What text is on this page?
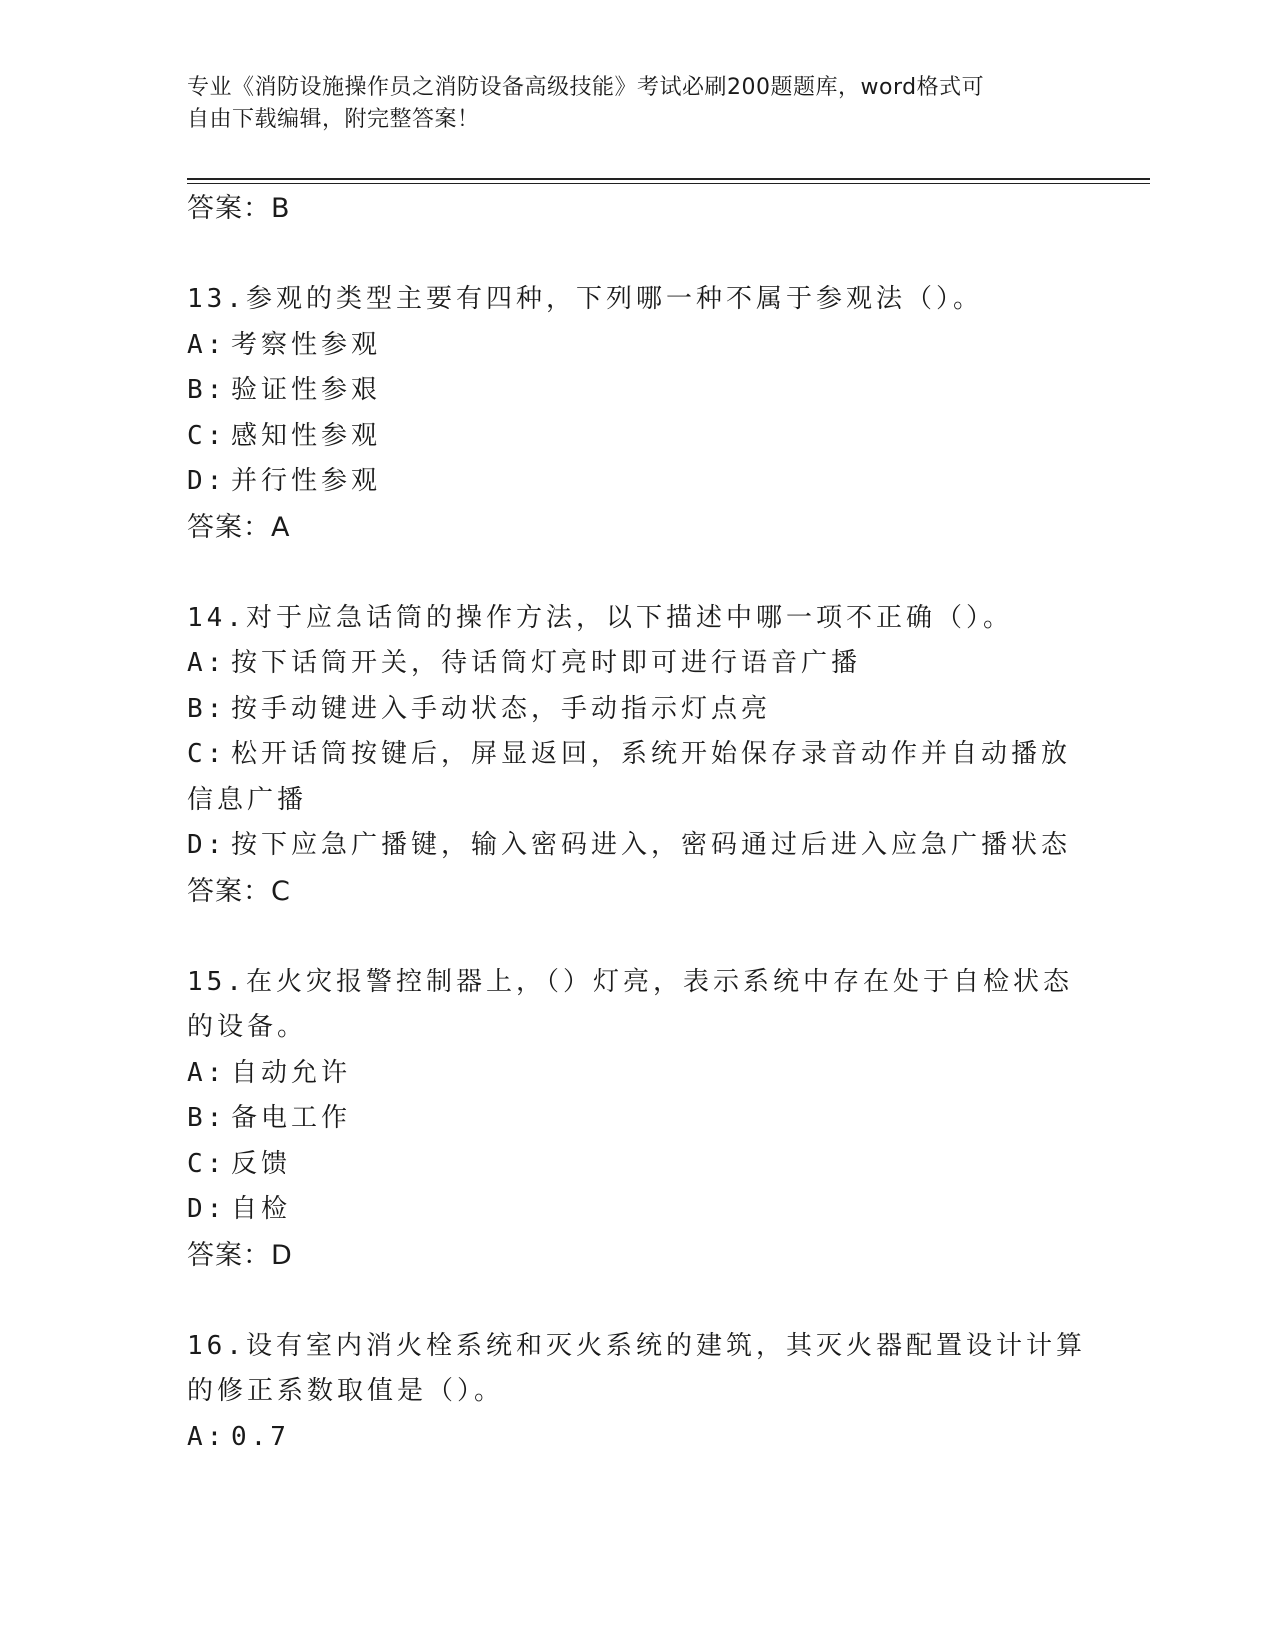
专业《消防设施操作员之消防设备高级技能》考试必刷200题题库，word格式可
自由下载编辑，附完整答案！
答案：B
13.参观的类型主要有四种，下列哪一种不属于参观法（）。
A: 考察性参观
B: 验证性参艰
C: 感知性参观
D: 并行性参观
答案：A
14.对于应急话筒的操作方法，以下描述中哪一项不正确（）。
A: 按下话筒开关，待话筒灯亮时即可进行语音广播
B: 按手动键进入手动状态，手动指示灯点亮
C: 松开话筒按键后，屏显返回，系统开始保存录音动作并自动播放信息广播
D: 按下应急广播键，输入密码进入，密码通过后进入应急广播状态
答案：C
15.在火灾报警控制器上，（）灯亮，表示系统中存在处于自检状态的设备。
A: 自动允许
B: 备电工作
C: 反馈
D: 自检
答案：D
16.设有室内消火栓系统和灭火系统的建筑，其灭火器配置设计计算的修正系数取值是（）。
A: 0.7
